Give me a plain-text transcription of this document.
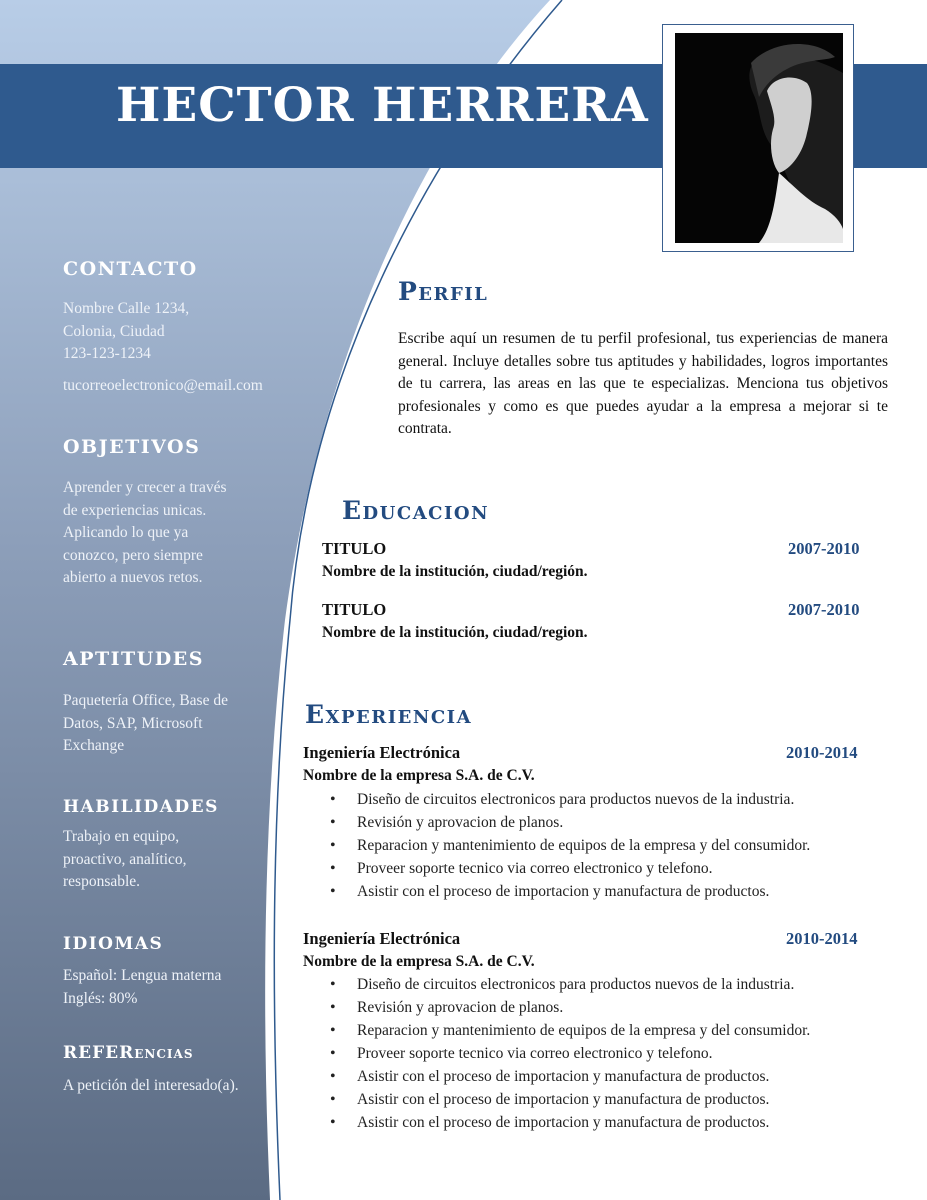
HECTOR HERRERA
CONTACTO

Nombre Calle 1234,

Colonia, Ciudad

123-123-1234

tucorreoelectronico@email.com

OBJETIVOS

Aprender y crecer a través

de experiencias unicas.

Aplicando lo que ya

conozco, pero siempre

abierto a nuevos retos.

APTITUDES

Paquetería Office, Base de

Datos, SAP, Microsoft

Exchange

HABILIDADES

Trabajo en equipo,

proactivo, analítico,

responsable.

IDIOMAS

Español: Lengua materna

Inglés: 80%

REFERencias

A petición del interesado(a).

Perfil

Escribe aquí un resumen de tu perfil profesional, tus experiencias de manera general. Incluye detalles sobre tus aptitudes y habilidades, logros importantes de tu carrera, las areas en las que te especializas. Menciona tus objetivos profesionales y como es que puedes ayudar a la empresa a mejorar si te contrata.

Educacion
TITULO	2007-2010
Nombre de la institución, ciudad/región.
TITULO	2007-2010
Nombre de la institución, ciudad/region.
Experiencia
Ingeniería Electrónica	2010-2014
Nombre de la empresa S.A. de C.V.
• Diseño de circuitos electronicos para productos nuevos de la industria.
• Revisión y aprovacion de planos.
• Reparacion y mantenimiento de equipos de la empresa y del consumidor.
• Proveer soporte tecnico via correo electronico y telefono.
• Asistir con el proceso de importacion y manufactura de productos.
Ingeniería Electrónica	2010-2014
Nombre de la empresa S.A. de C.V.
• Diseño de circuitos electronicos para productos nuevos de la industria.
• Revisión y aprovacion de planos.
• Reparacion y mantenimiento de equipos de la empresa y del consumidor.
• Proveer soporte tecnico via correo electronico y telefono.
• Asistir con el proceso de importacion y manufactura de productos.
• Asistir con el proceso de importacion y manufactura de productos.
• Asistir con el proceso de importacion y manufactura de productos.
